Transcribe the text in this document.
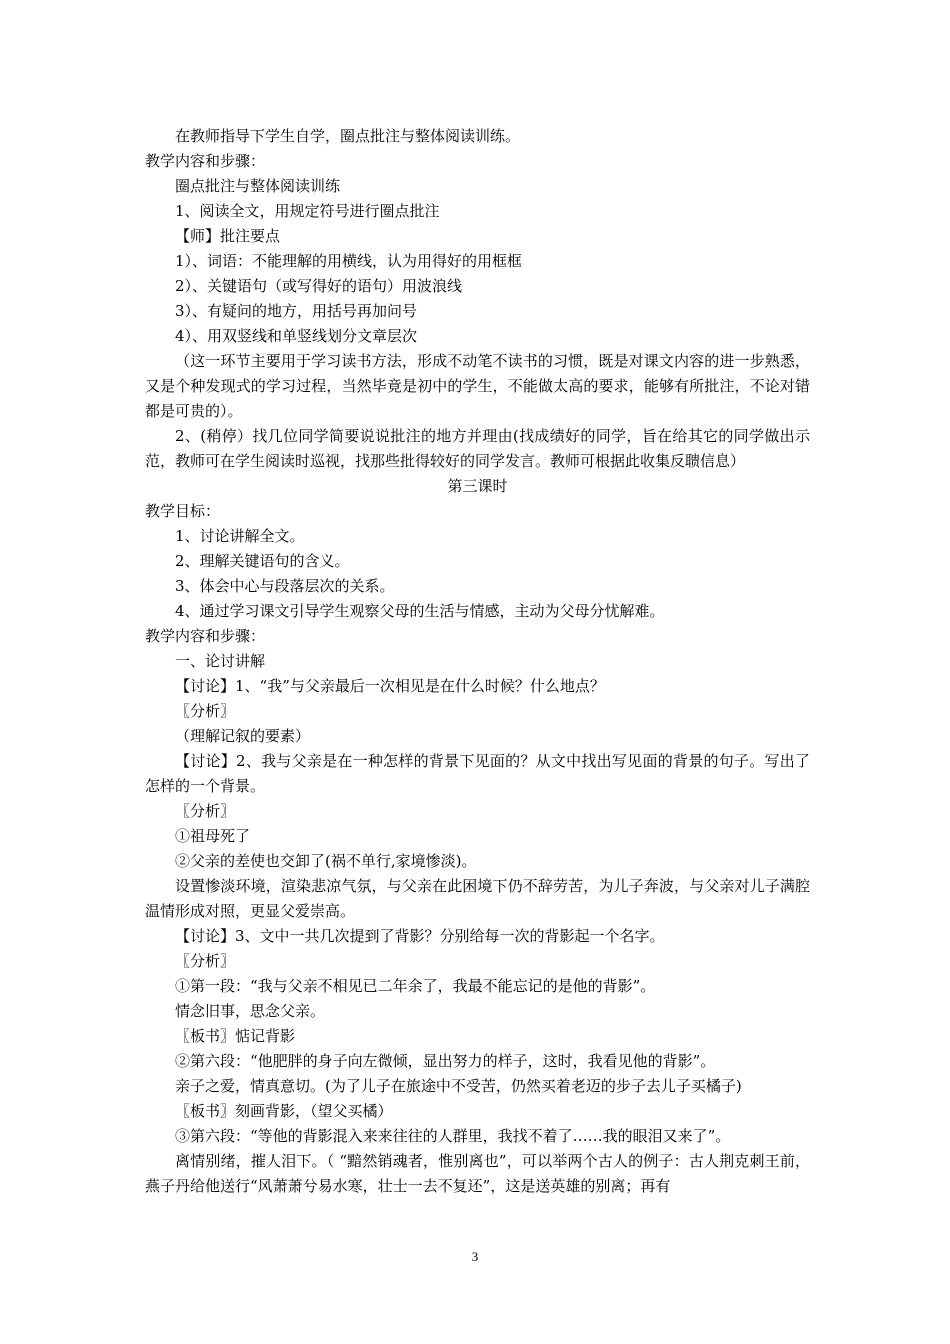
在教师指导下学生自学，圈点批注与整体阅读训练。
教学内容和步骤：
圈点批注与整体阅读训练
1、阅读全文，用规定符号进行圈点批注
【师】批注要点
1）、词语：不能理解的用横线，认为用得好的用框框
2）、关键语句（或写得好的语句）用波浪线
3）、有疑问的地方，用括号再加问号
4）、用双竖线和单竖线划分文章层次
（这一环节主要用于学习读书方法，形成不动笔不读书的习惯，既是对课文内容的进一步熟悉，又是个种发现式的学习过程，当然毕竟是初中的学生，不能做太高的要求，能够有所批注，不论对错都是可贵的）。
2、(稍停）找几位同学简要说说批注的地方并理由(找成绩好的同学，旨在给其它的同学做出示范，教师可在学生阅读时巡视，找那些批得较好的同学发言。教师可根据此收集反聩信息）
第三课时
教学目标：
1、讨论讲解全文。
2、理解关键语句的含义。
3、体会中心与段落层次的关系。
4、通过学习课文引导学生观察父母的生活与情感，主动为父母分忧解难。
教学内容和步骤：
一、论讨讲解
【讨论】1、“我”与父亲最后一次相见是在什么时候？什么地点？
〖分析〗
（理解记叙的要素）
【讨论】2、我与父亲是在一种怎样的背景下见面的？从文中找出写见面的背景的句子。写出了怎样的一个背景。
〖分析〗
①祖母死了
②父亲的差使也交卸了(祸不单行,家境惨淡)。
设置惨淡环境，渲染悲凉气氛，与父亲在此困境下仍不辞劳苦，为儿子奔波，与父亲对儿子满腔温情形成对照，更显父爱崇高。
【讨论】3、文中一共几次提到了背影？分别给每一次的背影起一个名字。
〖分析〗
①第一段：“我与父亲不相见已二年余了，我最不能忘记的是他的背影”。
情念旧事，思念父亲。
〖板书〗惦记背影
②第六段：“他肥胖的身子向左微倾，显出努力的样子，这时，我看见他的背影”。
亲子之爱，情真意切。(为了儿子在旅途中不受苦，仍然买着老迈的步子去儿子买橘子)
〖板书〗刻画背影，（望父买橘）
③第六段：“等他的背影混入来来往往的人群里，我找不着了……我的眼泪又来了”。
离情别绪，摧人泪下。（ “黯然销魂者，惟别离也”，可以举两个古人的例子：古人荆克刺王前，燕子丹给他送行“风萧萧兮易水寒，壮士一去不复还”，这是送英雄的别离；再有
3
